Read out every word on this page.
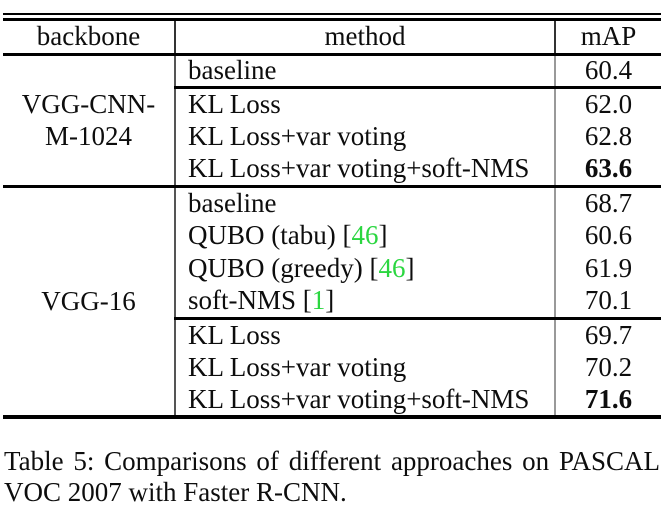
backbone	method	mAP

VGG-CNN-
M-1024	baseline	60.4
	KL Loss	62.0
	KL Loss+var voting	62.8
	KL Loss+var voting+soft-NMS	63.6

VGG-16	baseline	68.7
	QUBO (tabu) [46]	60.6
	QUBO (greedy) [46]	61.9
	soft-NMS [1]	70.1
	KL Loss	69.7
	KL Loss+var voting	70.2
	KL Loss+var voting+soft-NMS	71.6
Table 5: Comparisons of different approaches on PASCAL
VOC 2007 with Faster R-CNN.
